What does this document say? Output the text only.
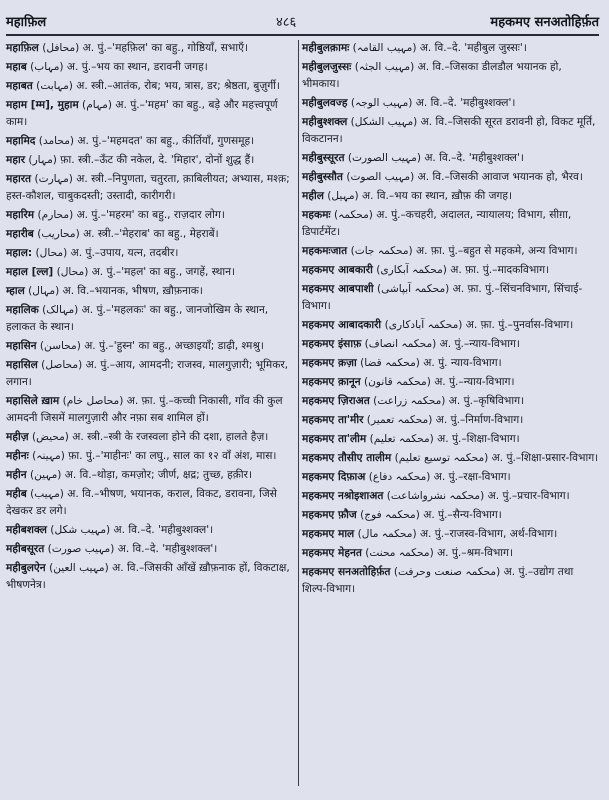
महाफ़िल	४८६	महकमए सनअतोहिर्फ़त
महाफ़िल (محافل) अ. पुं.–'महफ़िल' का बहु., गोष्ठियाँ, सभाएँ।
महाब (مہاب) अ. पुं.–भय का स्थान, डरावनी जगह।
महाबत (مہابت) अ. स्त्री.–आतंक, रोब; भय, त्रास, डर; श्रेष्ठता, बुज़ुर्गी।
महाम [म्म], मुहाम (مہام) अ. पुं.–'महम' का बहु., बड़े और महत्त्वपूर्ण काम।
महामिद (محامد) अ. पुं.–'महमदत' का बहु., कीर्तियाँ, गुणसमूह।
महार (مہار) फ़ा. स्त्री.–ऊँट की नकेल, दे. 'मिहार', दोनों शुद्ध हैं।
महारत (مہارت) अ. स्त्री.–निपुणता, चतुरता, क़ाबिलीयत; अभ्यास, मश्क़; हस्त-कौशल, चाबुकदस्ती; उस्तादी, कारीगरी।
महारिम (محارم) अ. पुं.–'महरम' का बहु., राज़दार लोग।
महारीब (محاریب) अ. स्त्री.–'मेहराब' का बहु., मेहराबें।
महाल: (محال) अ. पुं.–उपाय, यत्न, तदबीर।
महाल [ल्ल] (محال) अ. पुं.–'महल' का बहु., जगहें, स्थान।
म्हाल (مہال) अ. वि.–भयानक, भीषण, ख़ौफ़नाक।
महालिक (مہالک) अ. पुं.–'महलकः' का बहु., जानजोखिम के स्थान, हलाकत के स्थान।
महासिन (محاسن) अ. पुं.–'हुस्न' का बहु., अच्छाइयाँ; डाढ़ी, श्मश्रु।
महासिल (محاصل) अ. पुं.–आय, आमदनी; राजस्व, मालगुज़ारी; भूमिकर, लगान।
महासिले ख़ाम (محاصل خام) अ. फ़ा. पुं.–कच्ची निकासी, गाँव की कुल आमदनी जिसमें मालगुज़ारी और नफ़ा सब शामिल हों।
महीज़ (محیض) अ. स्त्री.–स्त्री के रजस्वला होने की दशा, हालते हैज़।
महीनः (مہینہ) फ़ा. पुं.–'माहीनः' का लघु., साल का १२ वाँ अंश, मास।
महीन (مہین) अ. वि.–थोड़ा, कमज़ोर; जीर्ण, क्षद्र; तुच्छ, हक़ीर।
महीब (مہیب) अ. वि.–भीषण, भयानक, कराल, विकट, डरावना, जिसे देखकर डर लगे।
महीबशक्ल (مہیب شکل) अ. वि.–दे. 'महीबुश्शक्ल'।
महीबसूरत (مہیب صورت) अ. वि.–दे. 'महीबुश्शक्ल'।
महीबुलऐन (مہیب العین) अ. वि.–जिसकी आँखें ख़ौफ़नाक हों, विकटाक्ष, भीषणनेत्र।
महीबुलक़ामः (مہیب القامہ) अ. वि.–दे. 'महीबुल जुस्सः'।
महीबुलजुस्सः (مہیب الجثہ) अ. वि.–जिसका डीलडौल भयानक हो, भीमकाय।
महीबुलवज्ह (مہیب الوجہ) अ. वि.–दे. 'महीबुश्शक्ल'।
महीबुश्शक्ल (مہیب الشکل) अ. वि.–जिसकी सूरत डरावनी हो, विकट मूर्ति, विकटानन।
महीबुस्सूरत (مہیب الصورت) अ. वि.–दे. 'महीबुश्शक्ल'।
महीबुस्सौत (مہیب الصوت) अ. वि.–जिसकी आवाज भयानक हो, भैरव।
महील (مہیل) अ. वि.–भय का स्थान, ख़ौफ़ की जगह।
महकमः (محکمہ) अ. पुं.–कचहरी, अदालत, न्यायालय; विभाग, सीग़ा, डिपार्टमेंट।
महकमःजात (محکمہ جات) अ. फ़ा. पुं.–बहुत से महकमे, अन्य विभाग।
महकमए आबकारी (محکمہ آبکاری) अ. फ़ा. पुं.–मादकविभाग।
महकमए आबपाशी (محکمہ آبپاشی) अ. फ़ा. पुं.–सिंचनविभाग, सिंचाई-विभाग।
महकमए आबादकारी (محکمہ آبادکاری) अ. फ़ा. पुं.–पुनर्वास-विभाग।
महकमए इंसाफ़ (محکمہ انصاف) अ. पुं.–न्याय-विभाग।
महकमए क़ज़ा (محکمہ قضا) अ. पुं. न्याय-विभाग।
महकमए क़ानून (محکمہ قانون) अ. पुं.–न्याय-विभाग।
महकमए ज़िराअत (محکمہ زراعت) अ. पुं.–कृषिविभाग।
महकमए ता'मीर (محکمہ تعمیر) अ. पुं.–निर्माण-विभाग।
महकमए ता'लीम (محکمہ تعلیم) अ. पुं.–शिक्षा-विभाग।
महकमए तौसीए तालीम (محکمہ توسیع تعلیم) अ. पुं.–शिक्षा-प्रसार-विभाग।
महकमए दिफ़ाअ (محکمہ دفاع) अ. पुं.–रक्षा-विभाग।
महकमए नश्रोइशाअत (محکمہ نشرواشاعت) अ. पुं.–प्रचार-विभाग।
महकमए फ़ौज (محکمہ فوج) अ. पुं.–सैन्य-विभाग।
महकमए माल (محکمہ مال) अ. पुं.–राजस्व-विभाग, अर्थ-विभाग।
महकमए मेहनत (محکمہ محنت) अ. पुं.–श्रम-विभाग।
महकमए सनअतोहिर्फ़त (محکمہ صنعت وحرفت) अ. पुं.–उद्योग तथा शिल्प-विभाग।
